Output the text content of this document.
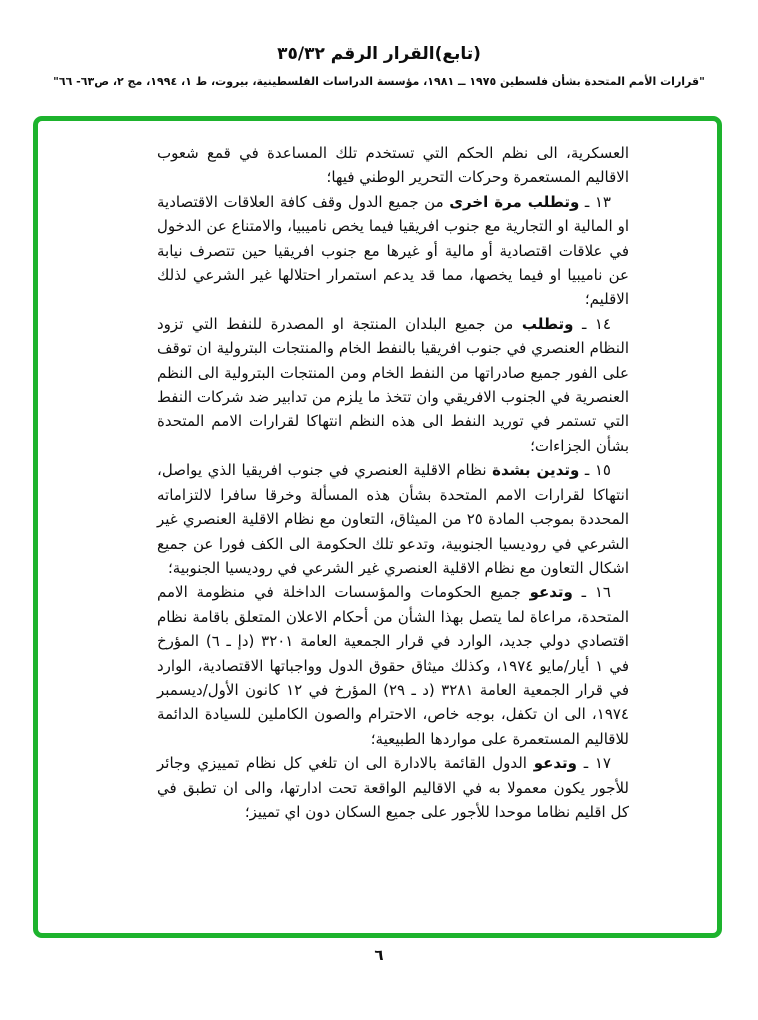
(تابع)القرار الرقم ٣٥/٣٢
"قرارات الأمم المتحدة بشأن فلسطين ١٩٧٥ ــ ١٩٨١، مؤسسة الدراسات الفلسطينية، بيروت، ط ١، ١٩٩٤، مج ٢، ص٦٣- ٦٦"

العسكرية، الى نظم الحكم التي تستخدم تلك المساعدة في قمع شعوب الاقاليم المستعمرة وحركات التحرير الوطني فيها؛

١٣ ـ وتطلب مرة اخرى من جميع الدول وقف كافة العلاقات الاقتصادية او المالية او التجارية مع جنوب افريقيا فيما يخص ناميبيا، والامتناع عن الدخول في علاقات اقتصادية أو مالية أو غيرها مع جنوب افريقيا حين تتصرف نيابة عن ناميبيا او فيما يخصها، مما قد يدعم استمرار احتلالها غير الشرعي لذلك الاقليم؛

١٤ ـ وتطلب من جميع البلدان المنتجة او المصدرة للنفط التي تزود النظام العنصري في جنوب افريقيا بالنفط الخام والمنتجات البترولية ان توقف على الفور جميع صادراتها من النفط الخام ومن المنتجات البترولية الى النظم العنصرية في الجنوب الافريقي وان تتخذ ما يلزم من تدابير ضد شركات النفط التي تستمر في توريد النفط الى هذه النظم انتهاكا لقرارات الامم المتحدة بشأن الجزاءات؛

١٥ ـ وتدين بشدة نظام الاقلية العنصري في جنوب افريقيا الذي يواصل، انتهاكا لقرارات الامم المتحدة بشأن هذه المسألة وخرقا سافرا لالتزاماته المحددة بموجب المادة ٢٥ من الميثاق، التعاون مع نظام الاقلية العنصري غير الشرعي في روديسيا الجنوبية، وتدعو تلك الحكومة الى الكف فورا عن جميع اشكال التعاون مع نظام الاقلية العنصري غير الشرعي في روديسيا الجنوبية؛

١٦ ـ وتدعو جميع الحكومات والمؤسسات الداخلة في منظومة الامم المتحدة، مراعاة لما يتصل بهذا الشأن من أحكام الاعلان المتعلق باقامة نظام اقتصادي دولي جديد، الوارد في قرار الجمعية العامة ٣٢٠١ (دإ ـ ٦) المؤرخ في ١ أيار/مايو ١٩٧٤، وكذلك ميثاق حقوق الدول وواجباتها الاقتصادية، الوارد في قرار الجمعية العامة ٣٢٨١ (د ـ ٢٩) المؤرخ في ١٢ كانون الأول/ديسمبر ١٩٧٤، الى ان تكفل، بوجه خاص، الاحترام والصون الكاملين للسيادة الدائمة للاقاليم المستعمرة على مواردها الطبيعية؛

١٧ ـ وتدعو الدول القائمة بالادارة الى ان تلغي كل نظام تمييزي وجائر للأجور يكون معمولا به في الاقاليم الواقعة تحت ادارتها، والى ان تطبق في كل اقليم نظاما موحدا للأجور على جميع السكان دون اي تمييز؛

٦
